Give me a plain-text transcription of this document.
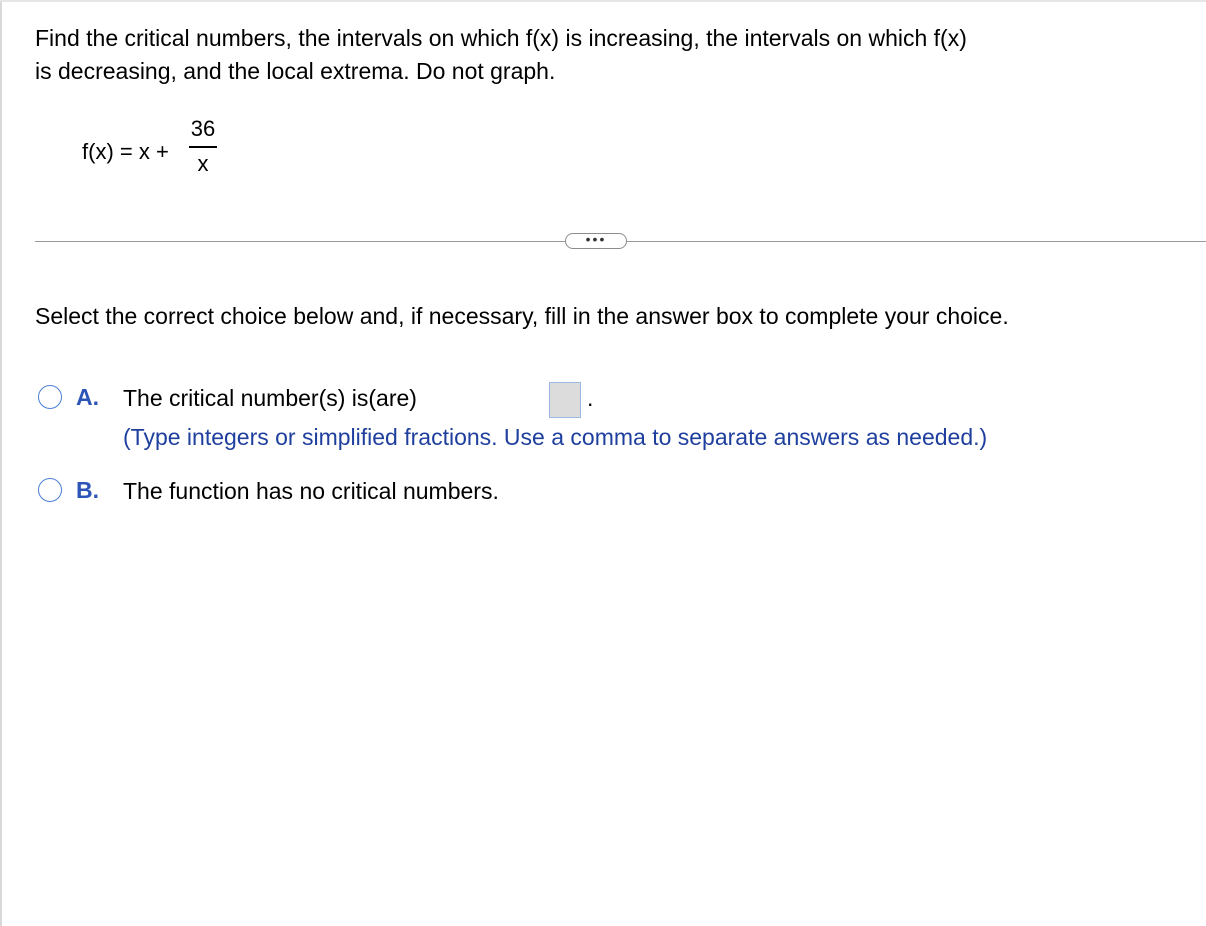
Find the critical numbers, the intervals on which f(x) is increasing, the intervals on which f(x)
is decreasing, and the local extrema. Do not graph.
f(x) = x +
36
x
•••
Select the correct choice below and, if necessary, fill in the answer box to complete your choice.
A. The critical number(s) is(are)	.
(Type integers or simplified fractions. Use a comma to separate answers as needed.)
B. The function has no critical numbers.
